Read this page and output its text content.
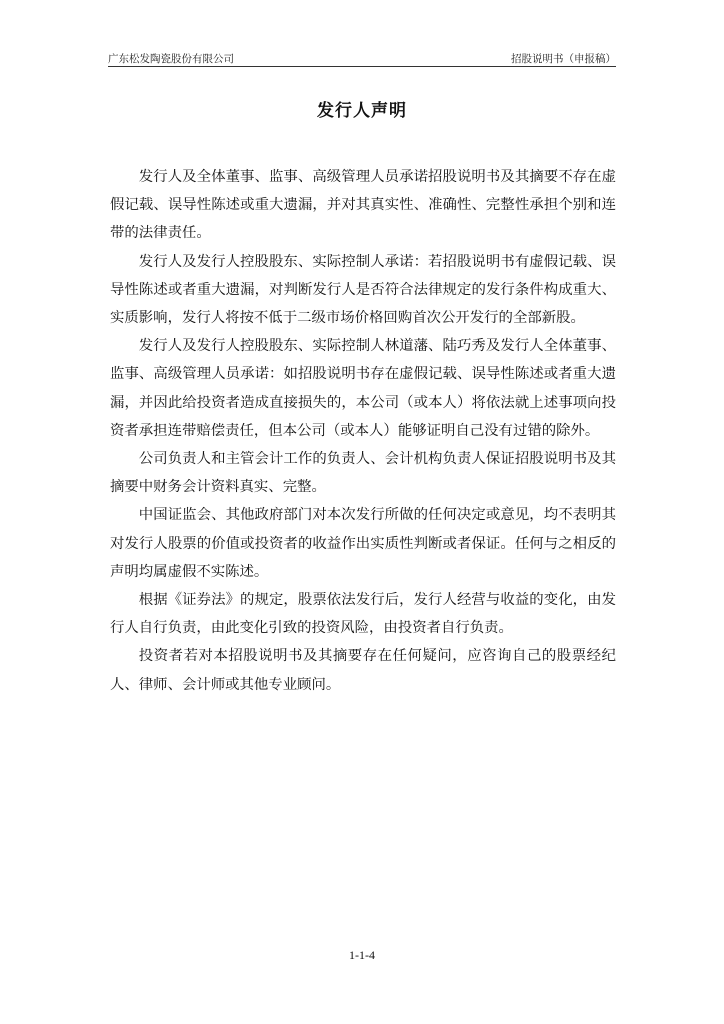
广东松发陶瓷股份有限公司	招股说明书（申报稿）
发行人声明

发行人及全体董事、监事、高级管理人员承诺招股说明书及其摘要不存在虚假记载、误导性陈述或重大遗漏，并对其真实性、准确性、完整性承担个别和连带的法律责任。

发行人及发行人控股股东、实际控制人承诺：若招股说明书有虚假记载、误导性陈述或者重大遗漏，对判断发行人是否符合法律规定的发行条件构成重大、实质影响，发行人将按不低于二级市场价格回购首次公开发行的全部新股。

发行人及发行人控股股东、实际控制人林道藩、陆巧秀及发行人全体董事、监事、高级管理人员承诺：如招股说明书存在虚假记载、误导性陈述或者重大遗漏，并因此给投资者造成直接损失的，本公司（或本人）将依法就上述事项向投资者承担连带赔偿责任，但本公司（或本人）能够证明自己没有过错的除外。

公司负责人和主管会计工作的负责人、会计机构负责人保证招股说明书及其摘要中财务会计资料真实、完整。

中国证监会、其他政府部门对本次发行所做的任何决定或意见，均不表明其对发行人股票的价值或投资者的收益作出实质性判断或者保证。任何与之相反的声明均属虚假不实陈述。

根据《证券法》的规定，股票依法发行后，发行人经营与收益的变化，由发行人自行负责，由此变化引致的投资风险，由投资者自行负责。

投资者若对本招股说明书及其摘要存在任何疑问，应咨询自己的股票经纪人、律师、会计师或其他专业顾问。

1-1-4
